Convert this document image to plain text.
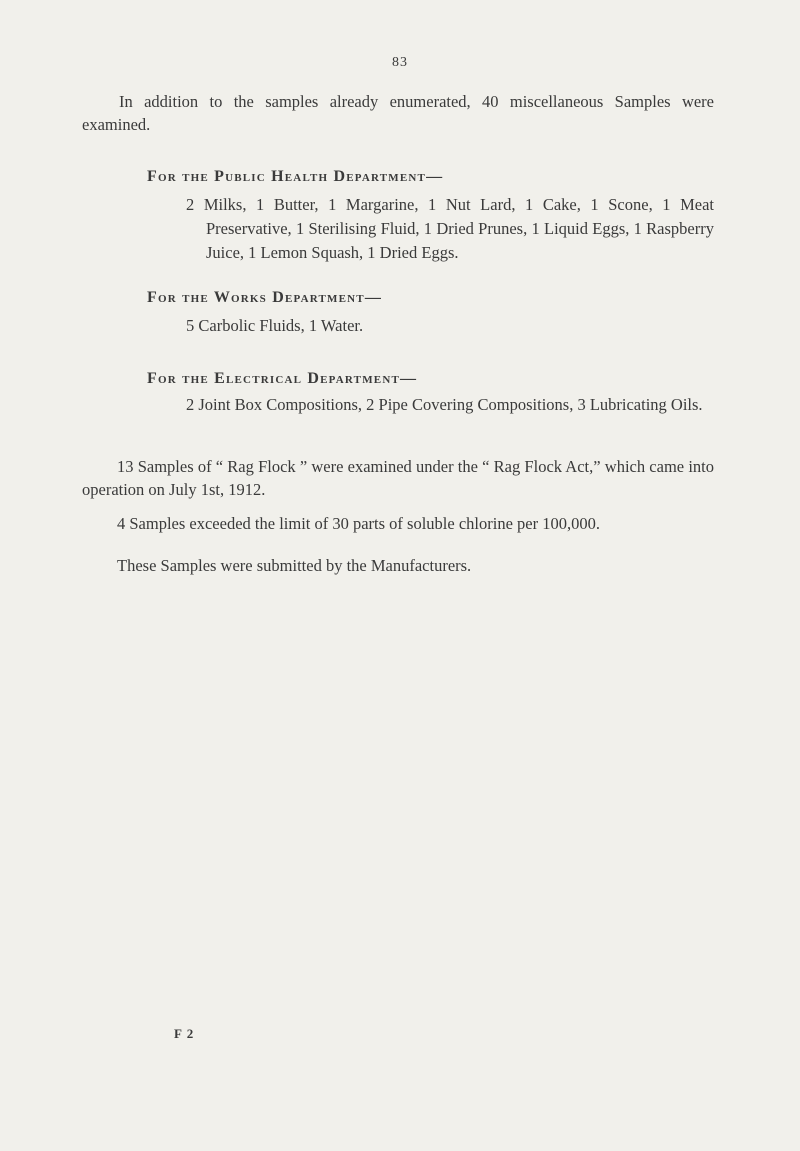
83

In addition to the samples already enumerated, 40 miscellaneous Samples were examined.

For the Public Health Department—

2 Milks, 1 Butter, 1 Margarine, 1 Nut Lard, 1 Cake, 1 Scone, 1 Meat Preservative, 1 Sterilising Fluid, 1 Dried Prunes, 1 Liquid Eggs, 1 Raspberry Juice, 1 Lemon Squash, 1 Dried Eggs.

For the Works Department—

5 Carbolic Fluids, 1 Water.

For the Electrical Department—

2 Joint Box Compositions, 2 Pipe Covering Compositions, 3 Lubricating Oils.

13 Samples of “ Rag Flock ” were examined under the “ Rag Flock Act,” which came into operation on July 1st, 1912.

4 Samples exceeded the limit of 30 parts of soluble chlorine per 100,000.

These Samples were submitted by the Manufacturers.

F 2
